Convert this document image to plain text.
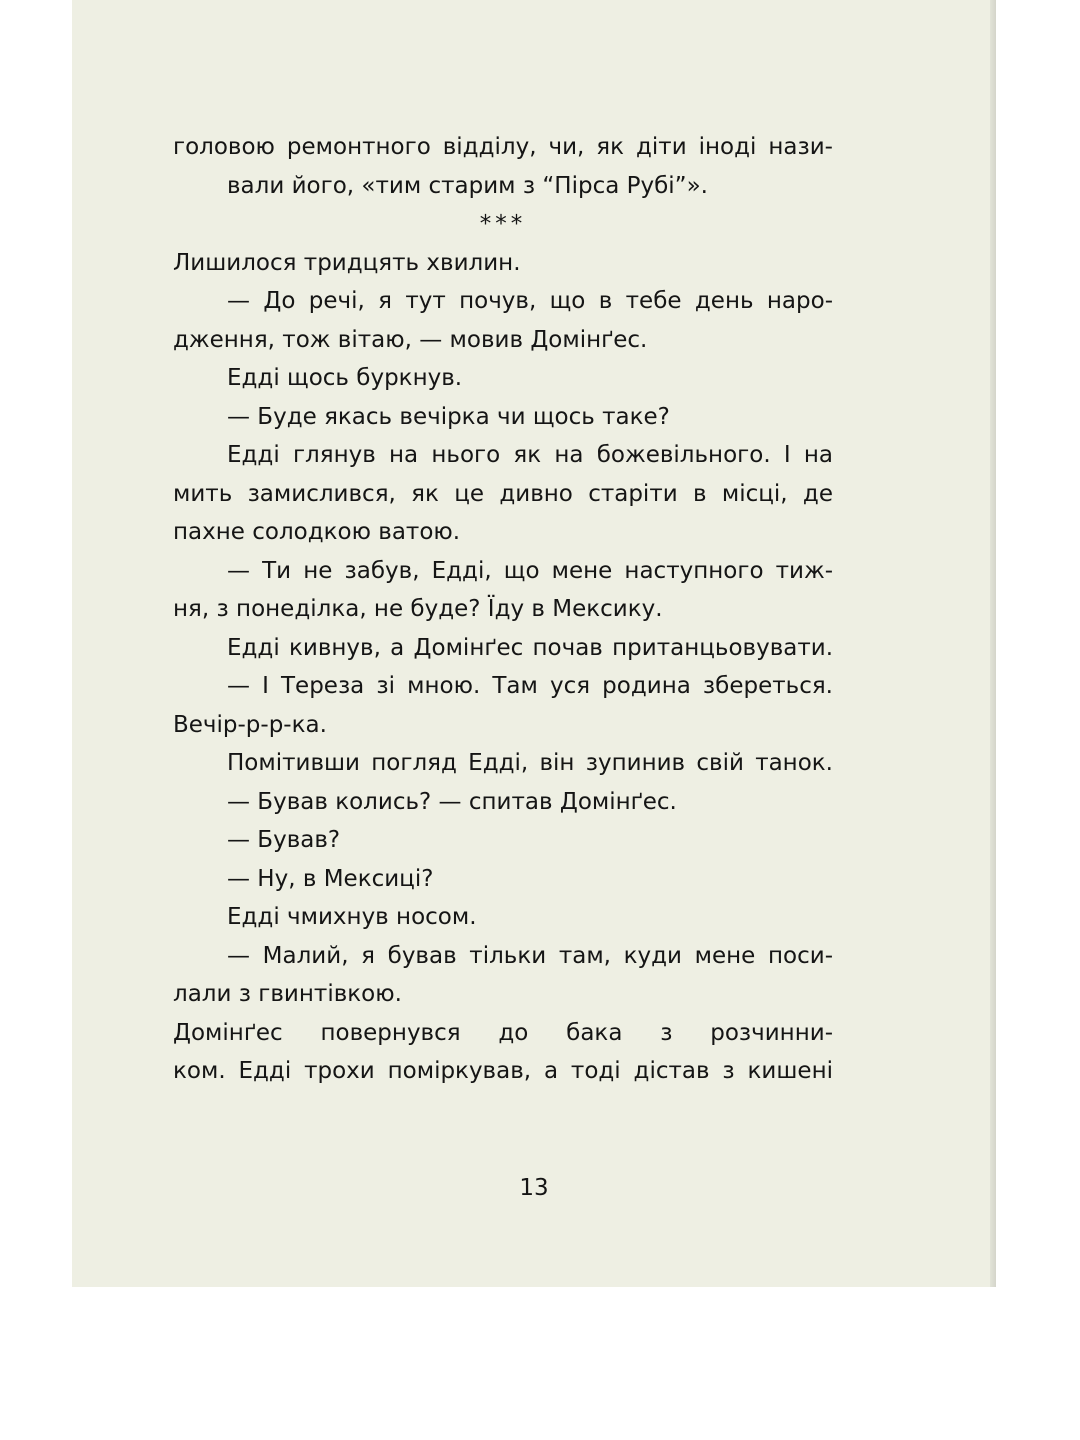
головою ремонтного відділу, чи, як діти іноді нази-
вали його, «тим старим з “Пірса Рубі”».
***
Лишилося тридцять хвилин.
— До речі, я тут почув, що в тебе день наро-
дження, тож вітаю, — мовив Домінґес.
Едді щось буркнув.
— Буде якась вечірка чи щось таке?
Едді глянув на нього як на божевільного. І на
мить замислився, як це дивно старіти в місці, де
пахне солодкою ватою.
— Ти не забув, Едді, що мене наступного тиж-
ня, з понеділка, не буде? Їду в Мексику.
Едді кивнув, а Домінґес почав пританцьовувати.
— І Тереза зі мною. Там уся родина збереться.
Вечір-р-р-ка.
Помітивши погляд Едді, він зупинив свій танок.
— Бував колись? — спитав Домінґес.
— Бував?
— Ну, в Мексиці?
Едді чмихнув носом.
— Малий, я бував тільки там, куди мене поси-
лали з гвинтівкою.
Домінґес повернувся до бака з розчинни-
ком. Едді трохи поміркував, а тоді дістав з кишені
13
